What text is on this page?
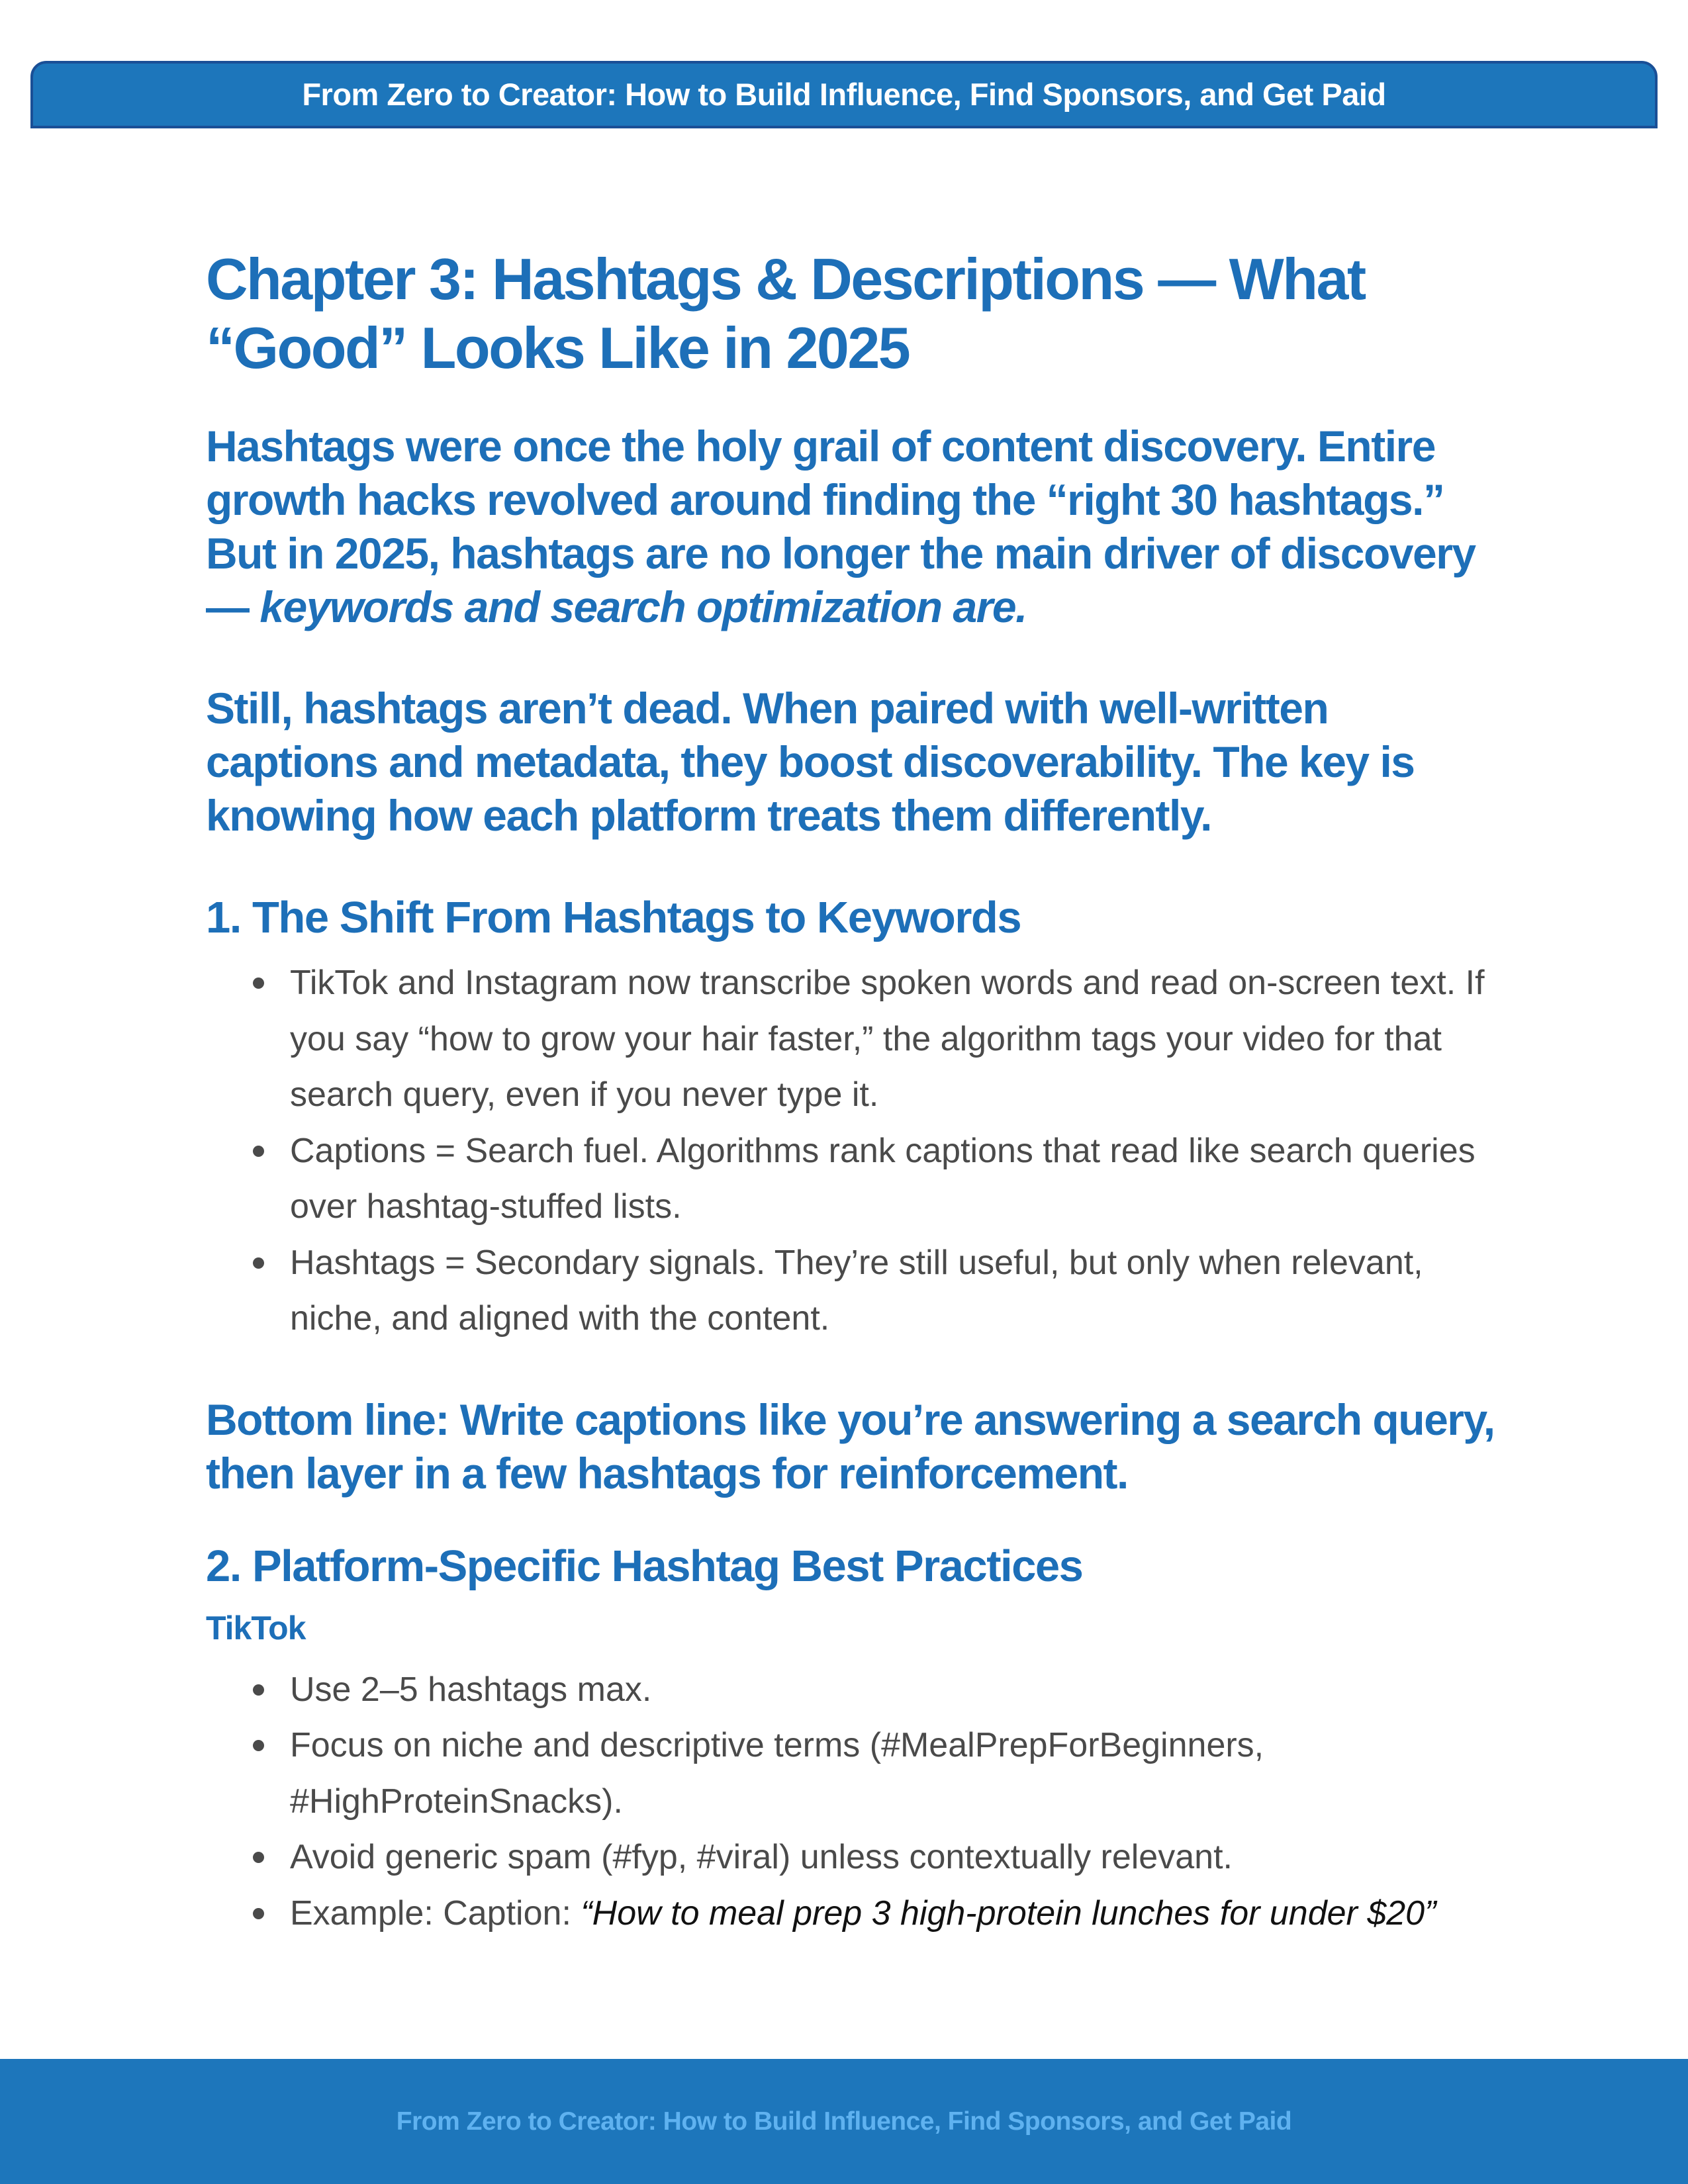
From Zero to Creator: How to Build Influence, Find Sponsors, and Get Paid
Chapter 3: Hashtags & Descriptions — What “Good” Looks Like in 2025

Hashtags were once the holy grail of content discovery. Entire growth hacks revolved around finding the “right 30 hashtags.” But in 2025, hashtags are no longer the main driver of discovery — keywords and search optimization are.

Still, hashtags aren’t dead. When paired with well-written captions and metadata, they boost discoverability. The key is knowing how each platform treats them differently.

1. The Shift From Hashtags to Keywords
TikTok and Instagram now transcribe spoken words and read on-screen text. If you say “how to grow your hair faster,” the algorithm tags your video for that search query, even if you never type it.
Captions = Search fuel. Algorithms rank captions that read like search queries over hashtag-stuffed lists.
Hashtags = Secondary signals. They’re still useful, but only when relevant, niche, and aligned with the content.

Bottom line: Write captions like you’re answering a search query, then layer in a few hashtags for reinforcement.

2. Platform-Specific Hashtag Best Practices
TikTok
Use 2–5 hashtags max.
Focus on niche and descriptive terms (#MealPrepForBeginners, #HighProteinSnacks).
Avoid generic spam (#fyp, #viral) unless contextually relevant.
Example: Caption: “How to meal prep 3 high-protein lunches for under $20”
From Zero to Creator: How to Build Influence, Find Sponsors, and Get Paid
